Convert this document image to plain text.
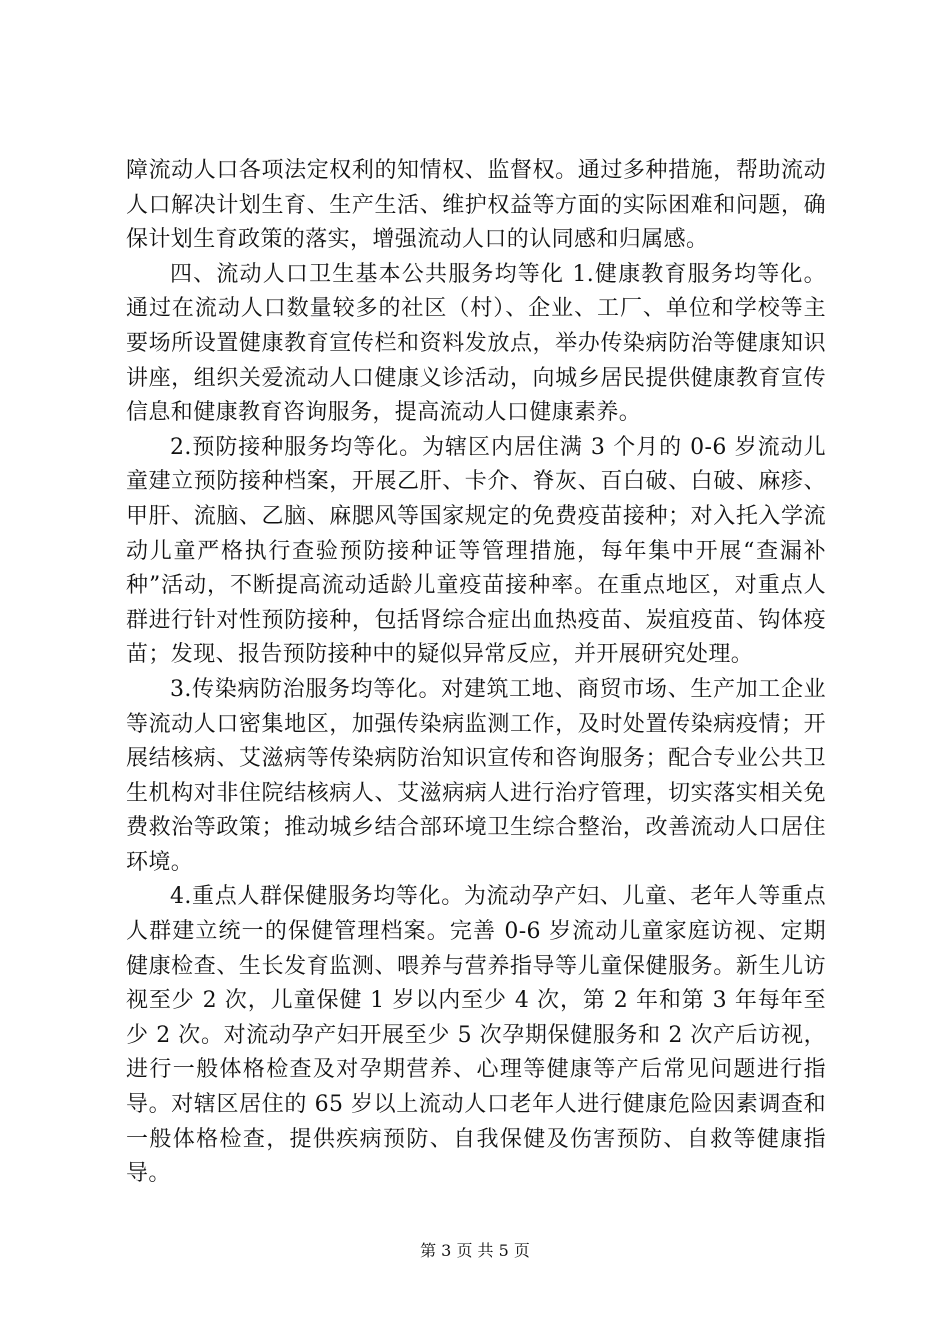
障流动人口各项法定权利的知情权、监督权。通过多种措施，帮助流动人口解决计划生育、生产生活、维护权益等方面的实际困难和问题，确保计划生育政策的落实，增强流动人口的认同感和归属感。

四、流动人口卫生基本公共服务均等化 1.健康教育服务均等化。通过在流动人口数量较多的社区（村）、企业、工厂、单位和学校等主要场所设置健康教育宣传栏和资料发放点，举办传染病防治等健康知识讲座，组织关爱流动人口健康义诊活动，向城乡居民提供健康教育宣传信息和健康教育咨询服务，提高流动人口健康素养。

2.预防接种服务均等化。为辖区内居住满 3 个月的 0-6 岁流动儿童建立预防接种档案，开展乙肝、卡介、脊灰、百白破、白破、麻疹、甲肝、流脑、乙脑、麻腮风等国家规定的免费疫苗接种；对入托入学流动儿童严格执行查验预防接种证等管理措施，每年集中开展“查漏补种”活动，不断提高流动适龄儿童疫苗接种率。在重点地区，对重点人群进行针对性预防接种，包括肾综合症出血热疫苗、炭疽疫苗、钩体疫苗；发现、报告预防接种中的疑似异常反应，并开展研究处理。

3.传染病防治服务均等化。对建筑工地、商贸市场、生产加工企业等流动人口密集地区，加强传染病监测工作，及时处置传染病疫情；开展结核病、艾滋病等传染病防治知识宣传和咨询服务；配合专业公共卫生机构对非住院结核病人、艾滋病病人进行治疗管理，切实落实相关免费救治等政策；推动城乡结合部环境卫生综合整治，改善流动人口居住环境。

4.重点人群保健服务均等化。为流动孕产妇、儿童、老年人等重点人群建立统一的保健管理档案。完善 0-6 岁流动儿童家庭访视、定期健康检查、生长发育监测、喂养与营养指导等儿童保健服务。新生儿访视至少 2 次，儿童保健 1 岁以内至少 4 次，第 2 年和第 3 年每年至少 2 次。对流动孕产妇开展至少 5 次孕期保健服务和 2 次产后访视，进行一般体格检查及对孕期营养、心理等健康等产后常见问题进行指导。对辖区居住的 65 岁以上流动人口老年人进行健康危险因素调查和一般体格检查，提供疾病预防、自我保健及伤害预防、自救等健康指导。

第 3 页 共 5 页
